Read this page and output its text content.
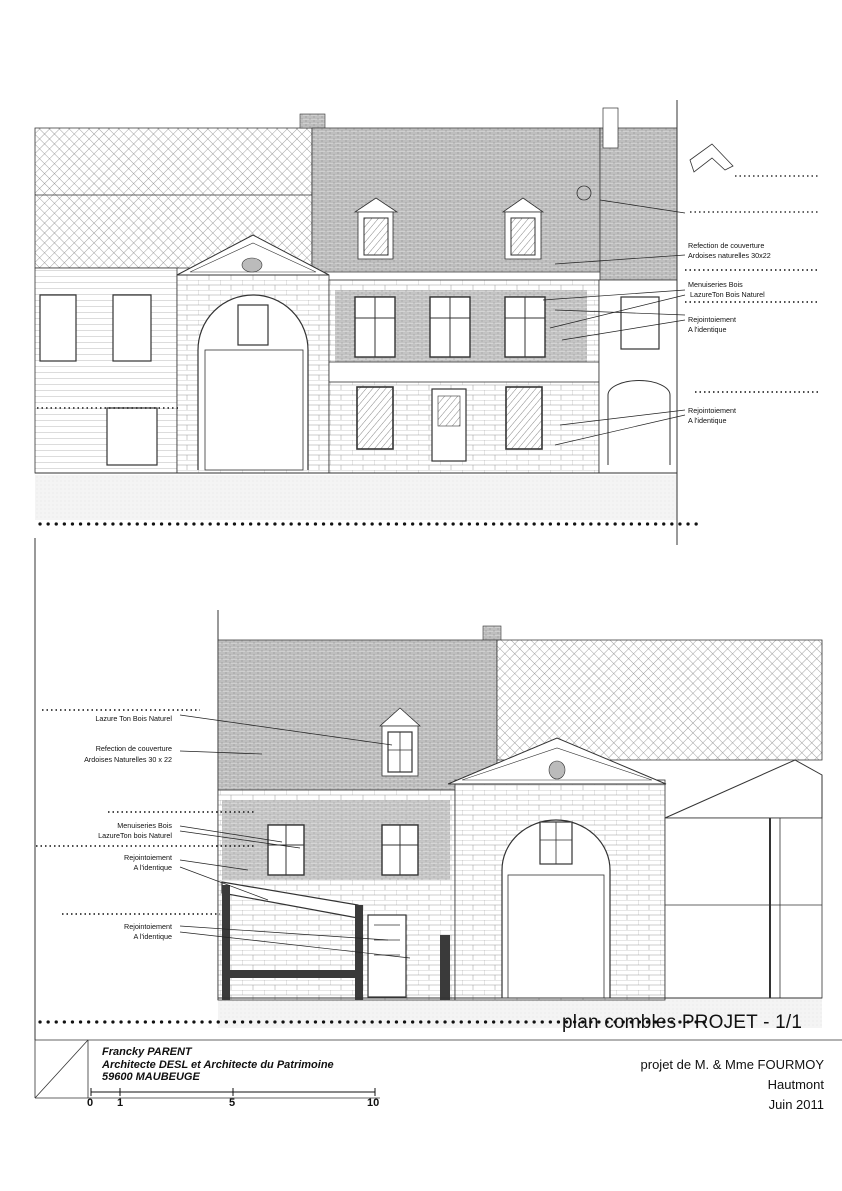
Refection de couverture
Ardoises naturelles 30x22
Menuiseries Bois
LazureTon Bois Naturel
Rejointoiement
A l'identique
Rejointoiement
A l'identique
Lazure Ton Bois Naturel
Refection de couverture
Ardoises Naturelles 30 x 22
Menuiseries Bois
LazureTon bois Naturel
Rejointoiement
A l'identique
Rejointoiement
A l'identique
plan combles PROJET - 1/1
Francky PARENT
Architecte DESL et Architecte du Patrimoine
59600 MAUBEUGE
projet de M. & Mme FOURMOY
Hautmont
Juin 2011
0 1	5	10
